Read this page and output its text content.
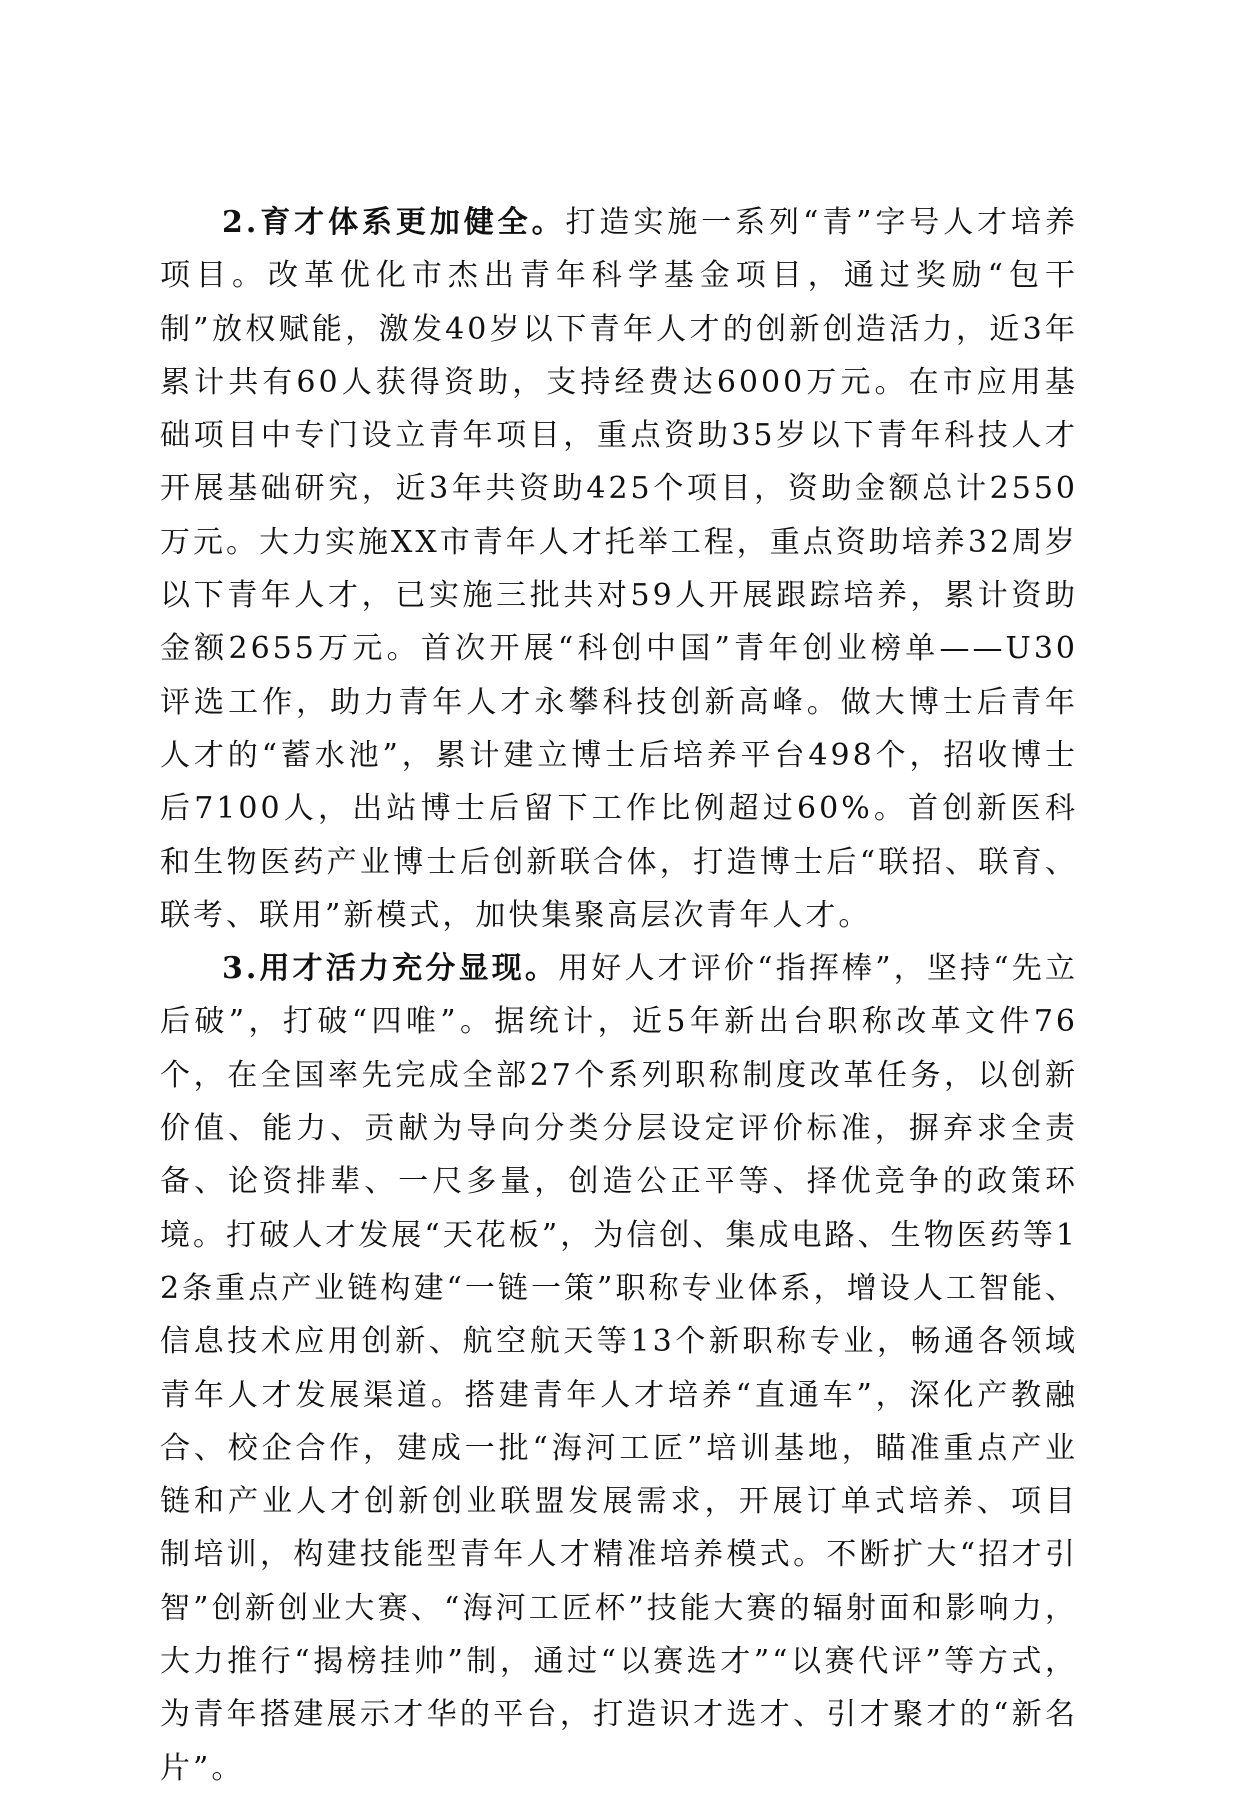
2.育才体系更加健全。打造实施一系列“青”字号人才培养项目。改革优化市杰出青年科学基金项目，通过奖励“包干制”放权赋能，激发40岁以下青年人才的创新创造活力，近3年累计共有60人获得资助，支持经费达6000万元。在市应用基础项目中专门设立青年项目，重点资助35岁以下青年科技人才开展基础研究，近3年共资助425个项目，资助金额总计2550万元。大力实施XX市青年人才托举工程，重点资助培养32周岁以下青年人才，已实施三批共对59人开展跟踪培养，累计资助金额2655万元。首次开展“科创中国”青年创业榜单——U30评选工作，助力青年人才永攀科技创新高峰。做大博士后青年人才的“蓄水池”，累计建立博士后培养平台498个，招收博士后7100人，出站博士后留下工作比例超过60%。首创新医科和生物医药产业博士后创新联合体，打造博士后“联招、联育、联考、联用”新模式，加快集聚高层次青年人才。

3.用才活力充分显现。用好人才评价“指挥棒”，坚持“先立后破”，打破“四唯”。据统计，近5年新出台职称改革文件76个，在全国率先完成全部27个系列职称制度改革任务，以创新价值、能力、贡献为导向分类分层设定评价标准，摒弃求全责备、论资排辈、一尺多量，创造公正平等、择优竞争的政策环境。打破人才发展“天花板”，为信创、集成电路、生物医药等12条重点产业链构建“一链一策”职称专业体系，增设人工智能、信息技术应用创新、航空航天等13个新职称专业，畅通各领域青年人才发展渠道。搭建青年人才培养“直通车”，深化产教融合、校企合作，建成一批“海河工匠”培训基地，瞄准重点产业链和产业人才创新创业联盟发展需求，开展订单式培养、项目制培训，构建技能型青年人才精准培养模式。不断扩大“招才引智”创新创业大赛、“海河工匠杯”技能大赛的辐射面和影响力，大力推行“揭榜挂帅”制，通过“以赛选才”“以赛代评”等方式，为青年搭建展示才华的平台，打造识才选才、引才聚才的“新名片”。
